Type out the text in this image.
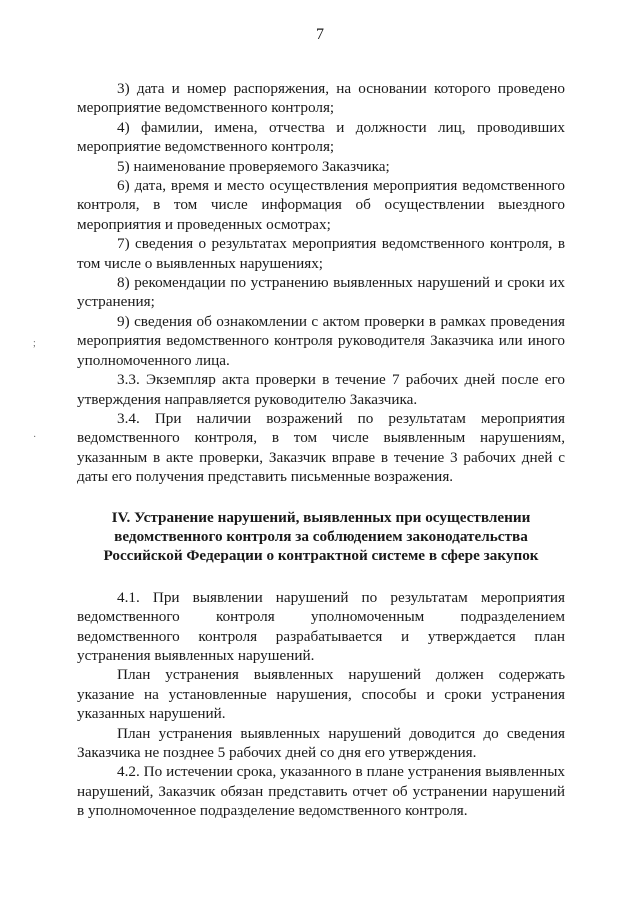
7
;
·

3) дата и номер распоряжения, на основании которого проведено мероприятие ведомственного контроля;

4) фамилии, имена, отчества и должности лиц, проводивших мероприятие ведомственного контроля;

5) наименование проверяемого Заказчика;

6) дата, время и место осуществления мероприятия ведомственного контроля, в том числе информация об осуществлении выездного мероприятия и проведенных осмотрах;

7) сведения о результатах мероприятия ведомственного контроля, в том числе о выявленных нарушениях;

8) рекомендации по устранению выявленных нарушений и сроки их устранения;

9) сведения об ознакомлении с актом проверки в рамках проведения мероприятия ведомственного контроля руководителя Заказчика или иного уполномоченного лица.

3.3. Экземпляр акта проверки в течение 7 рабочих дней после его утверждения направляется руководителю Заказчика.

3.4. При наличии возражений по результатам мероприятия ведомственного контроля, в том числе выявленным нарушениям, указанным в акте проверки, Заказчик вправе в течение 3 рабочих дней с даты его получения представить письменные возражения.

IV. Устранение нарушений, выявленных при осуществлении
ведомственного контроля за соблюдением законодательства
Российской Федерации о контрактной системе в сфере закупок

4.1. При выявлении нарушений по результатам мероприятия ведомственного контроля уполномоченным подразделением ведомственного контроля разрабатывается и утверждается план устранения выявленных нарушений.

План устранения выявленных нарушений должен содержать указание на установленные нарушения, способы и сроки устранения указанных нарушений.

План устранения выявленных нарушений доводится до сведения Заказчика не позднее 5 рабочих дней со дня его утверждения.

4.2. По истечении срока, указанного в плане устранения выявленных нарушений, Заказчик обязан представить отчет об устранении нарушений в уполномоченное подразделение ведомственного контроля.
